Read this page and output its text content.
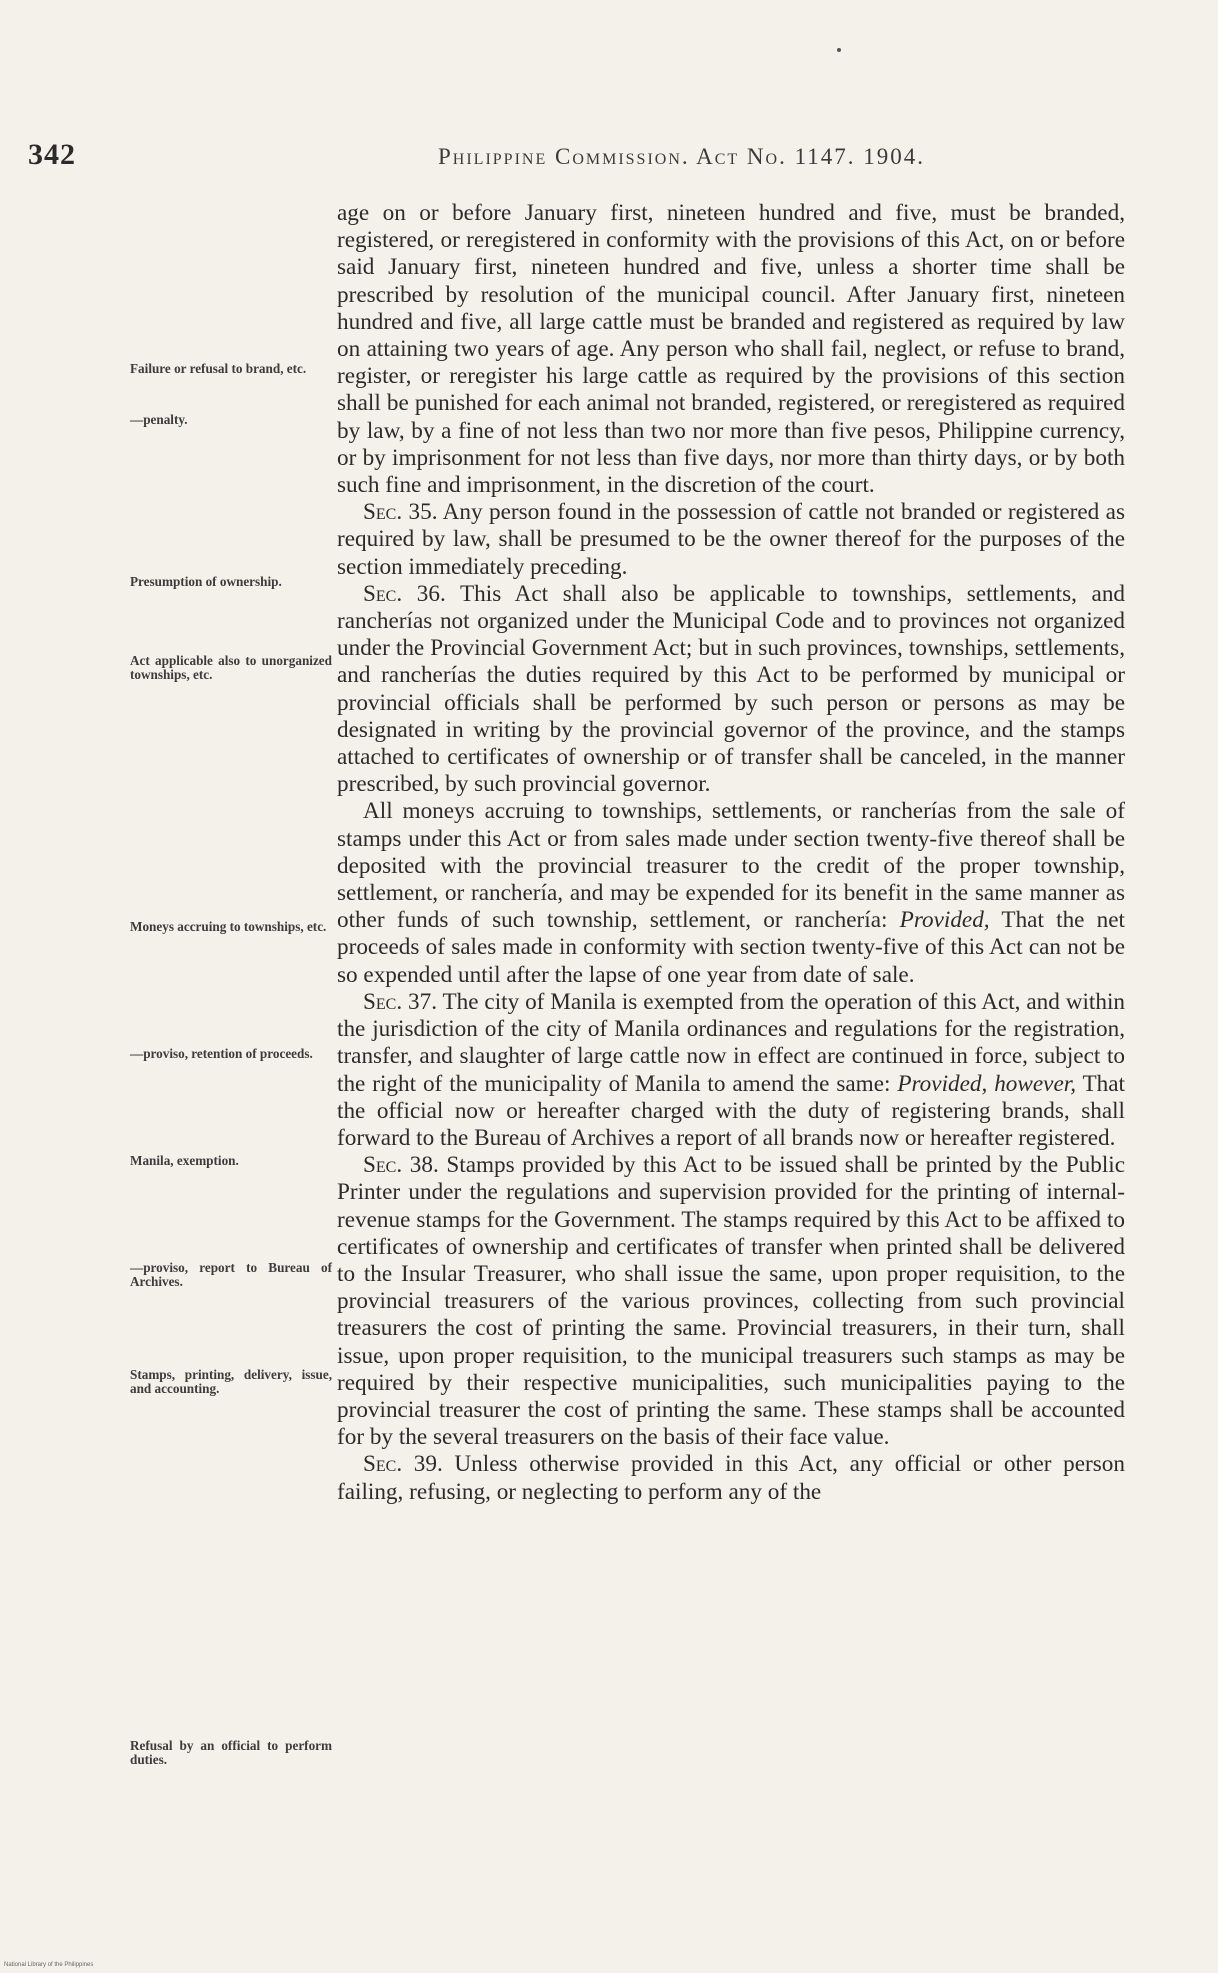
342	Philippine Commission. Act No. 1147. 1904.
Failure or refusal to brand, etc.
—penalty.
Presumption of ownership.
Act applicable also to unorganized townships, etc.
Moneys accruing to townships, etc.
—proviso, retention of proceeds.
Manila, exemption.
—proviso, report to Bureau of Archives.
Stamps, printing, delivery, issue, and accounting.
Refusal by an official to perform duties.

age on or before January first, nineteen hundred and five, must be branded, registered, or reregistered in conformity with the provisions of this Act, on or before said January first, nineteen hundred and five, unless a shorter time shall be prescribed by resolution of the municipal council. After January first, nineteen hundred and five, all large cattle must be branded and registered as required by law on attaining two years of age. Any person who shall fail, neglect, or refuse to brand, register, or reregister his large cattle as required by the provisions of this section shall be punished for each animal not branded, registered, or reregistered as required by law, by a fine of not less than two nor more than five pesos, Philippine currency, or by imprisonment for not less than five days, nor more than thirty days, or by both such fine and imprisonment, in the discretion of the court.

Sec. 35. Any person found in the possession of cattle not branded or registered as required by law, shall be presumed to be the owner thereof for the purposes of the section immediately preceding.

Sec. 36. This Act shall also be applicable to townships, settlements, and rancherías not organized under the Municipal Code and to provinces not organized under the Provincial Government Act; but in such provinces, townships, settlements, and rancherías the duties required by this Act to be performed by municipal or provincial officials shall be performed by such person or persons as may be designated in writing by the provincial governor of the province, and the stamps attached to certificates of ownership or of transfer shall be canceled, in the manner prescribed, by such provincial governor.

All moneys accruing to townships, settlements, or rancherías from the sale of stamps under this Act or from sales made under section twenty-five thereof shall be deposited with the provincial treasurer to the credit of the proper township, settlement, or ranchería, and may be expended for its benefit in the same manner as other funds of such township, settlement, or ranchería: Provided, That the net proceeds of sales made in conformity with section twenty-five of this Act can not be so expended until after the lapse of one year from date of sale.

Sec. 37. The city of Manila is exempted from the operation of this Act, and within the jurisdiction of the city of Manila ordinances and regulations for the registration, transfer, and slaughter of large cattle now in effect are continued in force, subject to the right of the municipality of Manila to amend the same: Provided, however, That the official now or hereafter charged with the duty of registering brands, shall forward to the Bureau of Archives a report of all brands now or hereafter registered.

Sec. 38. Stamps provided by this Act to be issued shall be printed by the Public Printer under the regulations and supervision provided for the printing of internal-revenue stamps for the Government. The stamps required by this Act to be affixed to certificates of ownership and certificates of transfer when printed shall be delivered to the Insular Treasurer, who shall issue the same, upon proper requisition, to the provincial treasurers of the various provinces, collecting from such provincial treasurers the cost of printing the same. Provincial treasurers, in their turn, shall issue, upon proper requisition, to the municipal treasurers such stamps as may be required by their respective municipalities, such municipalities paying to the provincial treasurer the cost of printing the same. These stamps shall be accounted for by the several treasurers on the basis of their face value.

Sec. 39. Unless otherwise provided in this Act, any official or other person failing, refusing, or neglecting to perform any of the

National Library of the Philippines
